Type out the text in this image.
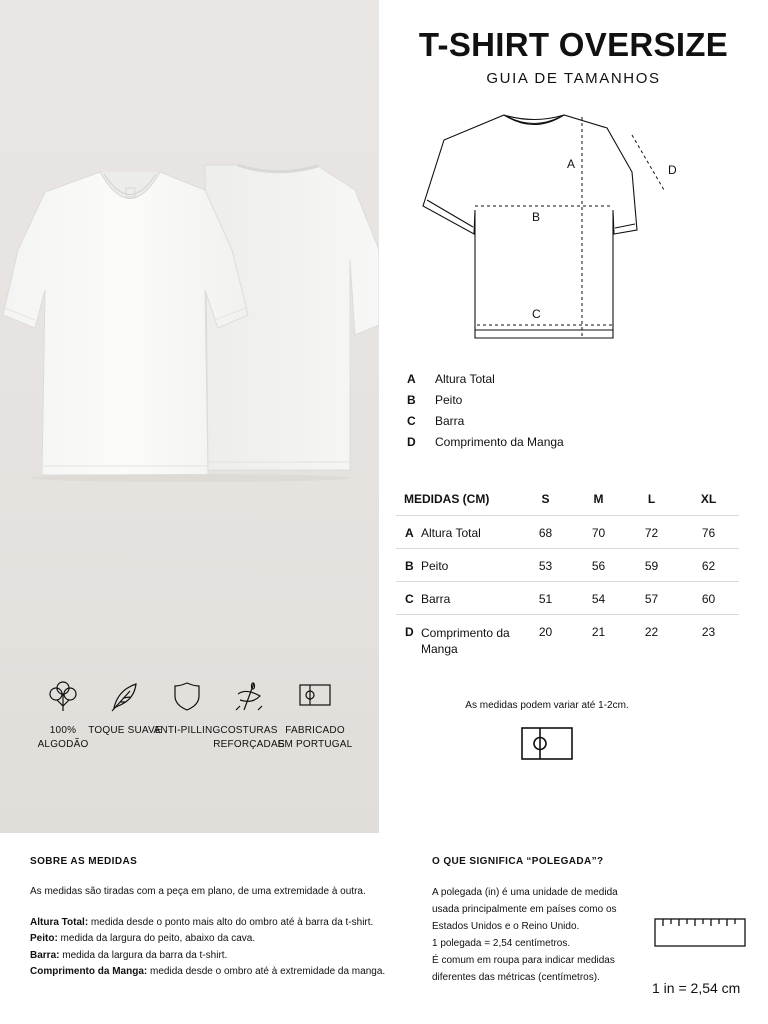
100% ALGODÃO
TOQUE SUAVE
ANTI-PILLING COSTURAS REFORÇADAS
FABRICADO EM PORTUGAL
T-SHIRT OVERSIZE
GUIA DE TAMANHOS
A
B
C
D
A	Altura Total
B	Peito
C	Barra
D	Comprimento da Manga
MEDIDAS (CM)		S	M	L	XL
A	Altura Total	68	70	72	76
B	Peito	53	56	59	62
C	Barra	51	54	57	60
D	Comprimento da Manga	20	21	22	23
As medidas podem variar até 1-2cm.
SOBRE AS MEDIDAS
As medidas são tiradas com a peça em plano, de uma extremidade à outra.
Altura Total: medida desde o ponto mais alto do ombro até à barra da t-shirt.
Peito: medida da largura do peito, abaixo da cava.
Barra: medida da largura da barra da t-shirt.
Comprimento da Manga: medida desde o ombro até à extremidade da manga.
O QUE SIGNIFICA “POLEGADA”?
A polegada (in) é uma unidade de medida usada principalmente em países como os Estados Unidos e o Reino Unido.
1 polegada = 2,54 centímetros.
É comum em roupa para indicar medidas diferentes das métricas (centímetros).
1 in = 2,54 cm
